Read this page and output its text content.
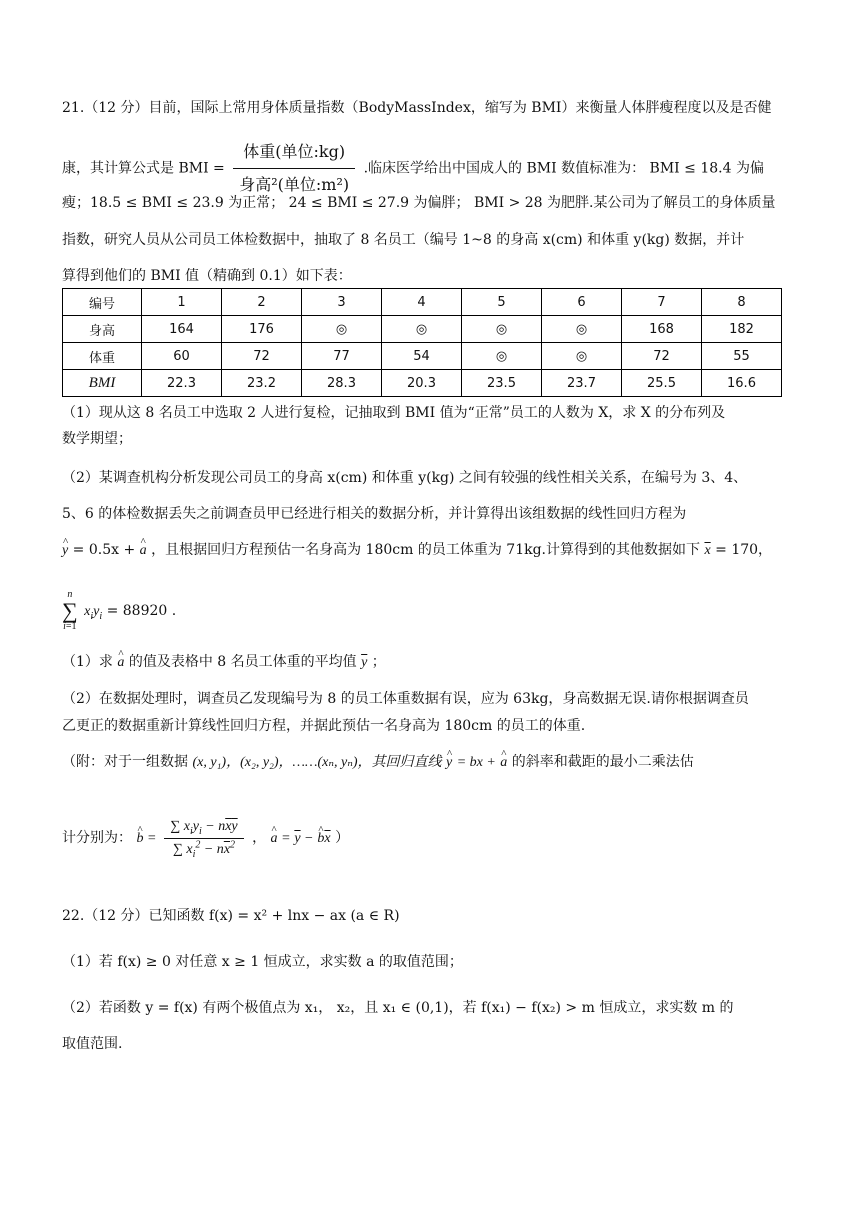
21.（12 分）目前，国际上常用身体质量指数（BodyMassIndex，缩写为 BMI）来衡量人体胖瘦程度以及是否健
康，其计算公式是 BMI = $\frac{\text{体重(单位:kg)}}{\text{身高²(单位:m²)}}$ .临床医学给出中国成人的 BMI 数值标准为： BMI ≤ 18.4 为偏
瘦；18.5 ≤ BMI ≤ 23.9 为正常； 24 ≤ BMI ≤ 27.9 为偏胖； BMI > 28 为肥胖.某公司为了解员工的身体质量
指数，研究人员从公司员工体检数据中，抽取了 8 名员工（编号 1~8 的身高 x(cm) 和体重 y(kg) 数据，并计
算得到他们的 BMI 值（精确到 0.1）如下表：
编号	1	2	3	4	5	6	7	8
身高	164	176	◎	◎	◎	◎	168	182
体重	60	72	77	54	◎	◎	72	55
BMI	22.3	23.2	28.3	20.3	23.5	23.7	25.5	16.6
（1）现从这 8 名员工中选取 2 人进行复检，记抽取到 BMI 值为“正常”员工的人数为 X，求 X 的分布列及
数学期望；
（2）某调查机构分析发现公司员工的身高 x(cm) 和体重 y(kg) 之间有较强的线性相关关系，在编号为 3、4、
5、6 的体检数据丢失之前调查员甲已经进行相关的数据分析，并计算得出该组数据的线性回归方程为
^ y = 0.5x + ^ a ，且根据回归方程预估一名身高为 180cm 的员工体重为 71kg.计算得到的其他数据如下 $\overline{x} = 170$，
n
∑
i=1 $x_iy_i = 88920$ .
（1）求 ^ a 的值及表格中 8 名员工体重的平均值 $\overline{y}$ ；
（2）在数据处理时，调查员乙发现编号为 8 的员工体重数据有误，应为 63kg，身高数据无误.请你根据调查员
乙更正的数据重新计算线性回归方程，并据此预估一名身高为 180cm 的员工的体重.
（附：对于一组数据 (x, y₁)，(x₂, y₂)，……(xₙ, yₙ)，其回归直线 ^ y = bx + ^ a 的斜率和截距的最小二乘法估
计分别为： ^ $b = \frac{\sum x_iy_i - n\overline{x}\overline{y}}{\sum x_i^2 - n\overline{x}^2}$ ， ^ $a = \overline{y}$ − ^ $b\overline{x}$ ）
22.（12 分）已知函数 f(x) = x² + lnx − ax (a ∈ R)
（1）若 f(x) ≥ 0 对任意 x ≥ 1 恒成立，求实数 a 的取值范围；
（2）若函数 y = f(x) 有两个极值点为 x₁， x₂，且 x₁ ∈ (0,1)，若 f(x₁) − f(x₂) > m 恒成立，求实数 m 的
取值范围.
